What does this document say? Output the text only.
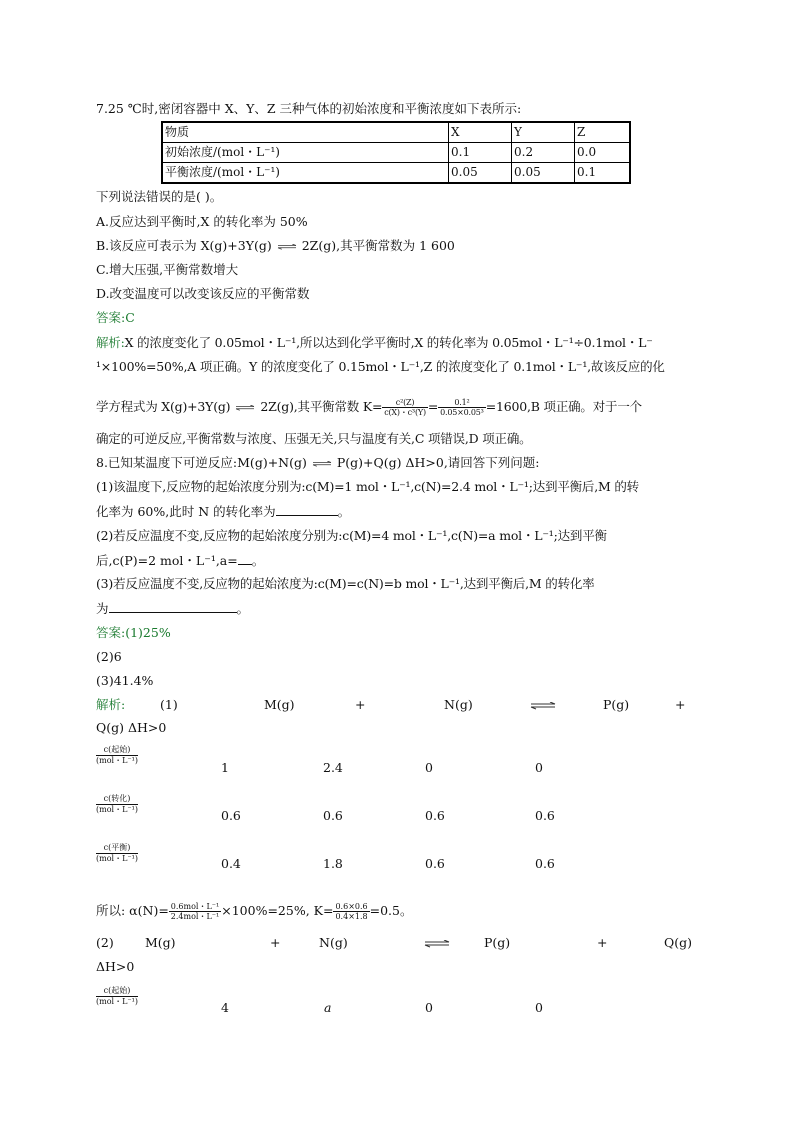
7.25 ℃时,密闭容器中 X、Y、Z 三种气体的初始浓度和平衡浓度如下表所示:
物质	X	Y	Z
初始浓度/(mol・L⁻¹)	0.1	0.2	0.0
平衡浓度/(mol・L⁻¹)	0.05	0.05	0.1
下列说法错误的是( )。
A.反应达到平衡时,X 的转化率为 50%
B.该反应可表示为 X(g)+3Y(g) 2Z(g),其平衡常数为 1 600
C.增大压强,平衡常数增大
D.改变温度可以改变该反应的平衡常数
答案:C
解析:X 的浓度变化了 0.05mol・L⁻¹,所以达到化学平衡时,X 的转化率为 0.05mol・L⁻¹÷0.1mol・L⁻
¹×100%=50%,A 项正确。Y 的浓度变化了 0.15mol・L⁻¹,Z 的浓度变化了 0.1mol・L⁻¹,故该反应的化
学方程式为 X(g)+3Y(g) 2Z(g),其平衡常数 $K= \frac{\text{c²(Z)}}{\text{c(X)・c³(Y)}} = \frac{\text{0.1²}}{\text{0.05×0.05³}} =1600,B$ 项正确。对于一个
确定的可逆反应,平衡常数与浓度、压强无关,只与温度有关,C 项错误,D 项正确。
8.已知某温度下可逆反应:M(g)+N(g) P(g)+Q(g) ΔH>0,请回答下列问题:
(1)该温度下,反应物的起始浓度分别为:c(M)=1 mol・L⁻¹,c(N)=2.4 mol・L⁻¹;达到平衡后,M 的转
化率为 60%,此时 N 的转化率为	。
(2)若反应温度不变,反应物的起始浓度分别为:c(M)=4 mol・L⁻¹,c(N)=a mol・L⁻¹;达到平衡
后,c(P)=2 mol・L⁻¹,a= 。
(3)若反应温度不变,反应物的起始浓度为:c(M)=c(N)=b mol・L⁻¹,达到平衡后,M 的转化率
为	。
答案:(1)25%
(2)6
(3)41.4%
解析:	(1)	M(g)	+	N(g)	P(g)	+
Q(g) ΔH>0
c(起始)
(mol・L⁻¹)	1	2.4	0	0
c(转化)
(mol・L⁻¹)	0.6	0.6	0.6	0.6
c(平衡)
(mol・L⁻¹)	0.4	1.8	0.6	0.6
所以: $\alpha(N)= \frac{\text{0.6mol・L⁻¹}}{\text{2.4mol・L⁻¹}} \times 100\%=25\%$, $K= \frac{0.6\times 0.6}{0.4\times 1.8} =0.5$。
(2)	M(g)	+	N(g)	P(g)	+	Q(g)
ΔH>0
c(起始)
(mol・L⁻¹)	4	a	0	0
